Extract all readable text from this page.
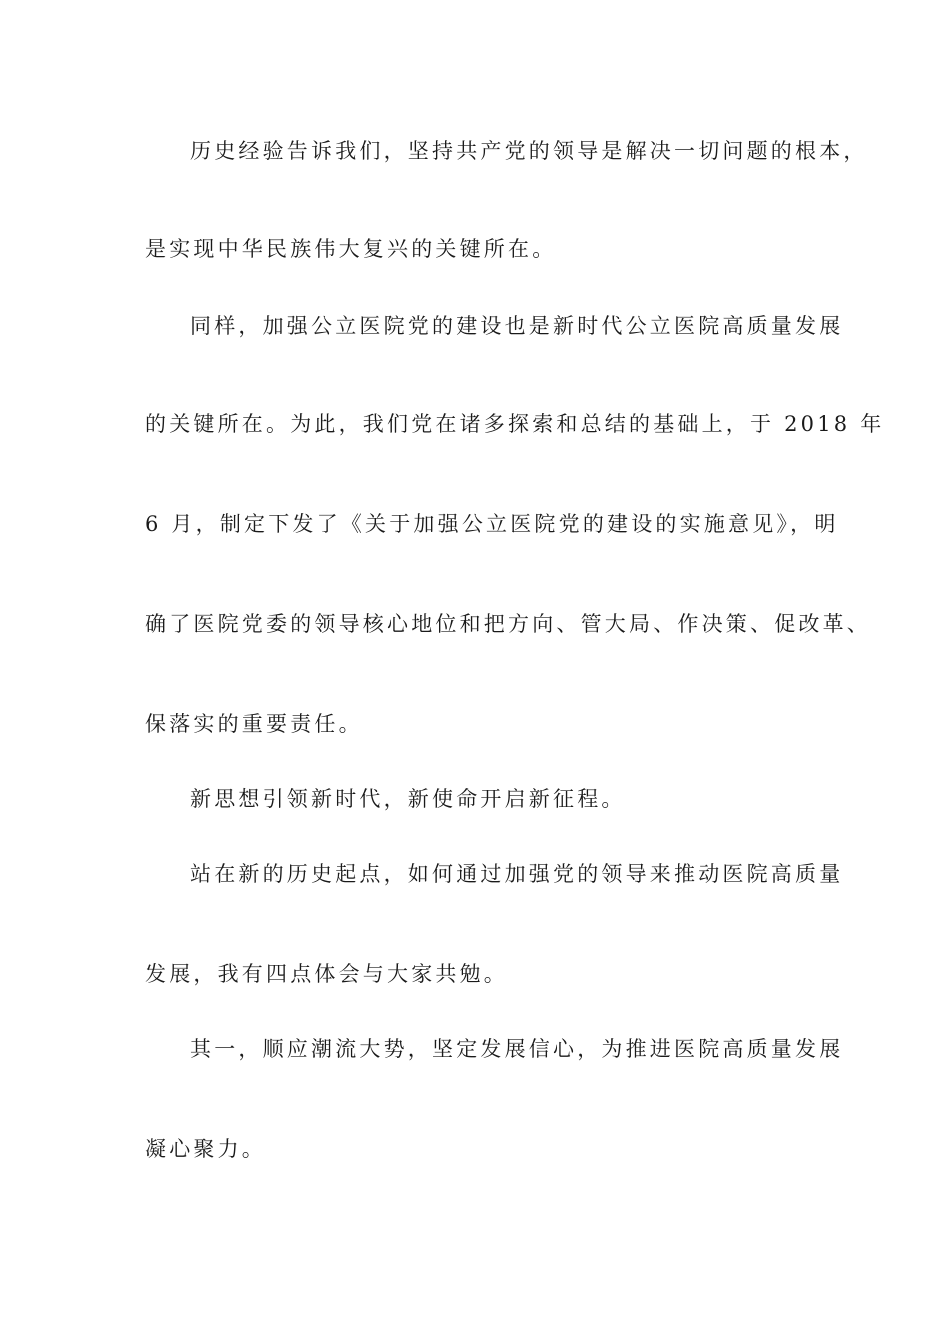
历史经验告诉我们，坚持共产党的领导是解决一切问题的根本，
是实现中华民族伟大复兴的关键所在。
同样，加强公立医院党的建设也是新时代公立医院高质量发展
的关键所在。为此，我们党在诸多探索和总结的基础上，于 2018 年
6 月，制定下发了《关于加强公立医院党的建设的实施意见》，明
确了医院党委的领导核心地位和把方向、管大局、作决策、促改革、
保落实的重要责任。
新思想引领新时代，新使命开启新征程。
站在新的历史起点，如何通过加强党的领导来推动医院高质量
发展，我有四点体会与大家共勉。
其一，顺应潮流大势，坚定发展信心，为推进医院高质量发展
凝心聚力。
